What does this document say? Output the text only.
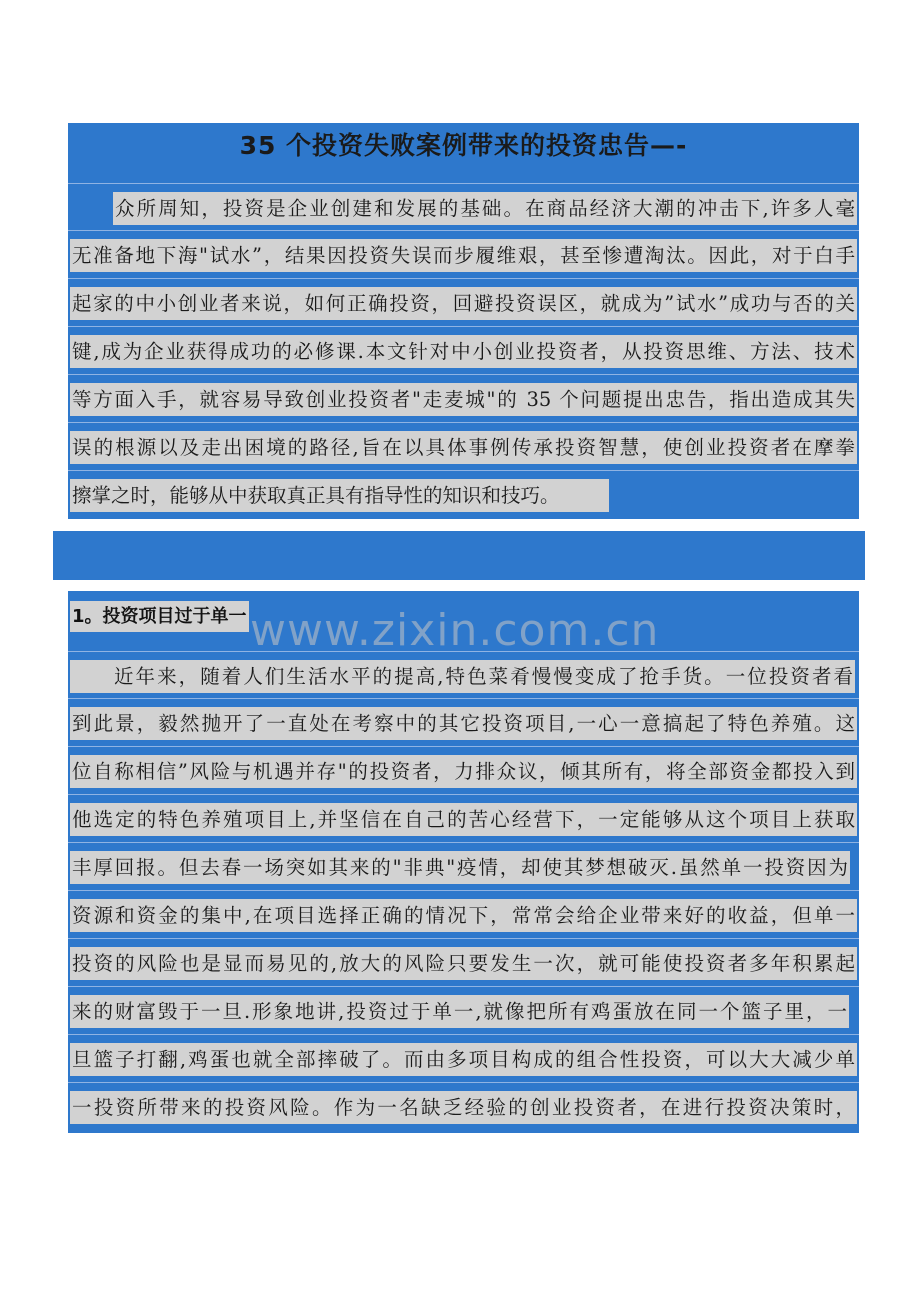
35 个投资失败案例带来的投资忠告—-
众所周知，投资是企业创建和发展的基础。在商品经济大潮的冲击下,许多人毫
无准备地下海"试水”，结果因投资失误而步履维艰，甚至惨遭淘汰。因此，对于白手
起家的中小创业者来说，如何正确投资，回避投资误区，就成为”试水”成功与否的关
键,成为企业获得成功的必修课.本文针对中小创业投资者，从投资思维、方法、技术
等方面入手，就容易导致创业投资者"走麦城"的 35 个问题提出忠告，指出造成其失
误的根源以及走出困境的路径,旨在以具体事例传承投资智慧，使创业投资者在摩拳
擦掌之时，能够从中获取真正具有指导性的知识和技巧。
1。投资项目过于单一
近年来，随着人们生活水平的提高,特色菜肴慢慢变成了抢手货。一位投资者看
到此景，毅然抛开了一直处在考察中的其它投资项目,一心一意搞起了特色养殖。这
位自称相信”风险与机遇并存"的投资者，力排众议，倾其所有，将全部资金都投入到
他选定的特色养殖项目上,并坚信在自己的苦心经营下，一定能够从这个项目上获取
丰厚回报。但去春一场突如其来的"非典"疫情，却使其梦想破灭.虽然单一投资因为
资源和资金的集中,在项目选择正确的情况下，常常会给企业带来好的收益，但单一
投资的风险也是显而易见的,放大的风险只要发生一次，就可能使投资者多年积累起
来的财富毁于一旦.形象地讲,投资过于单一,就像把所有鸡蛋放在同一个篮子里，一
旦篮子打翻,鸡蛋也就全部摔破了。而由多项目构成的组合性投资，可以大大减少单
一投资所带来的投资风险。作为一名缺乏经验的创业投资者，在进行投资决策时，
www.zixin.com.cn
